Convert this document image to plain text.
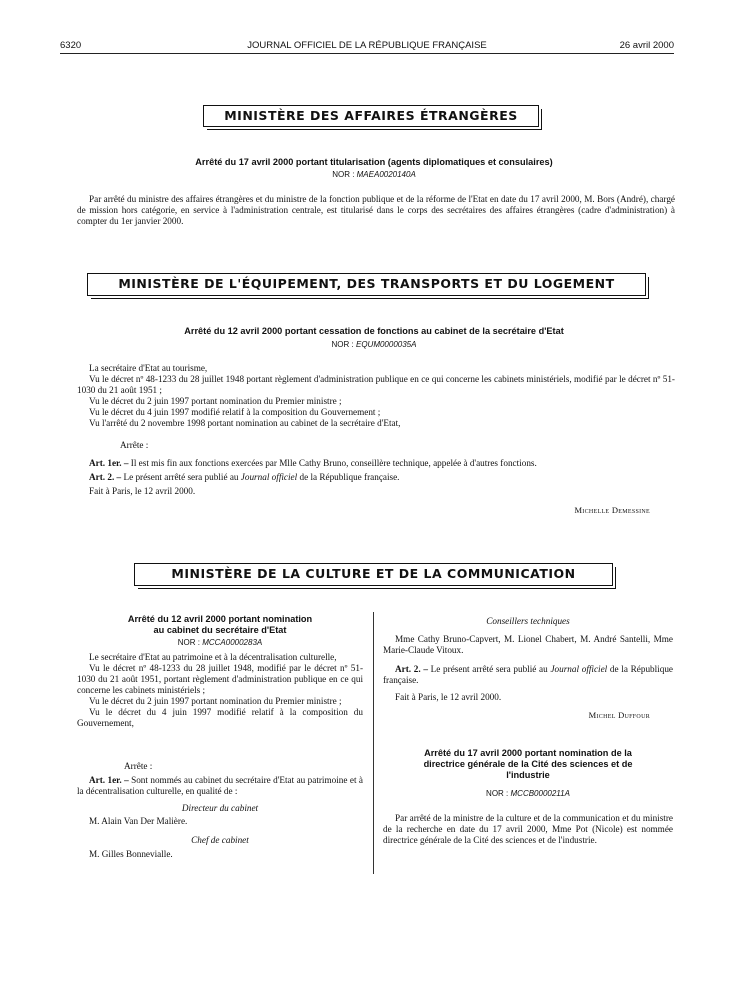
6320	JOURNAL OFFICIEL DE LA RÉPUBLIQUE FRANÇAISE	26 avril 2000
MINISTÈRE DES AFFAIRES ÉTRANGÈRES
Arrêté du 17 avril 2000 portant titularisation (agents diplomatiques et consulaires)
NOR : MAEA0020140A

Par arrêté du ministre des affaires étrangères et du ministre de la fonction publique et de la réforme de l'Etat en date du 17 avril 2000, M. Bors (André), chargé de mission hors catégorie, en service à l'administration centrale, est titularisé dans le corps des secrétaires des affaires étrangères (cadre d'administration) à compter du 1er janvier 2000.

MINISTÈRE DE L'ÉQUIPEMENT, DES TRANSPORTS ET DU LOGEMENT
Arrêté du 12 avril 2000 portant cessation de fonctions au cabinet de la secrétaire d'Etat
NOR : EQUM0000035A

La secrétaire d'Etat au tourisme,

Vu le décret nº 48-1233 du 28 juillet 1948 portant règlement d'administration publique en ce qui concerne les cabinets ministériels, modifié par le décret nº 51-1030 du 21 août 1951 ;

Vu le décret du 2 juin 1997 portant nomination du Premier ministre ;

Vu le décret du 4 juin 1997 modifié relatif à la composition du Gouvernement ;

Vu l'arrêté du 2 novembre 1998 portant nomination au cabinet de la secrétaire d'Etat,

Arrête :

Art. 1er. – Il est mis fin aux fonctions exercées par Mlle Cathy Bruno, conseillère technique, appelée à d'autres fonctions.

Art. 2. – Le présent arrêté sera publié au Journal officiel de la République française.

Fait à Paris, le 12 avril 2000.

Michelle Demessine
MINISTÈRE DE LA CULTURE ET DE LA COMMUNICATION
Arrêté du 12 avril 2000 portant nomination
au cabinet du secrétaire d'Etat
NOR : MCCA0000283A

Le secrétaire d'Etat au patrimoine et à la décentralisation culturelle,

Vu le décret nº 48-1233 du 28 juillet 1948, modifié par le décret nº 51-1030 du 21 août 1951, portant règlement d'administration publique en ce qui concerne les cabinets ministériels ;

Vu le décret du 2 juin 1997 portant nomination du Premier ministre ;

Vu le décret du 4 juin 1997 modifié relatif à la composition du Gouvernement,

Arrête :

Art. 1er. – Sont nommés au cabinet du secrétaire d'Etat au patrimoine et à la décentralisation culturelle, en qualité de :

Directeur du cabinet

M. Alain Van Der Malière.

Chef de cabinet

M. Gilles Bonnevialle.

Conseillers techniques

Mme Cathy Bruno-Capvert, M. Lionel Chabert, M. André Santelli, Mme Marie-Claude Vitoux.

Art. 2. – Le présent arrêté sera publié au Journal officiel de la République française.

Fait à Paris, le 12 avril 2000.

Michel Duffour
Arrêté du 17 avril 2000 portant nomination de la
directrice générale de la Cité des sciences et de
l'industrie
NOR : MCCB0000211A

Par arrêté de la ministre de la culture et de la communication et du ministre de la recherche en date du 17 avril 2000, Mme Pot (Nicole) est nommée directrice générale de la Cité des sciences et de l'industrie.
